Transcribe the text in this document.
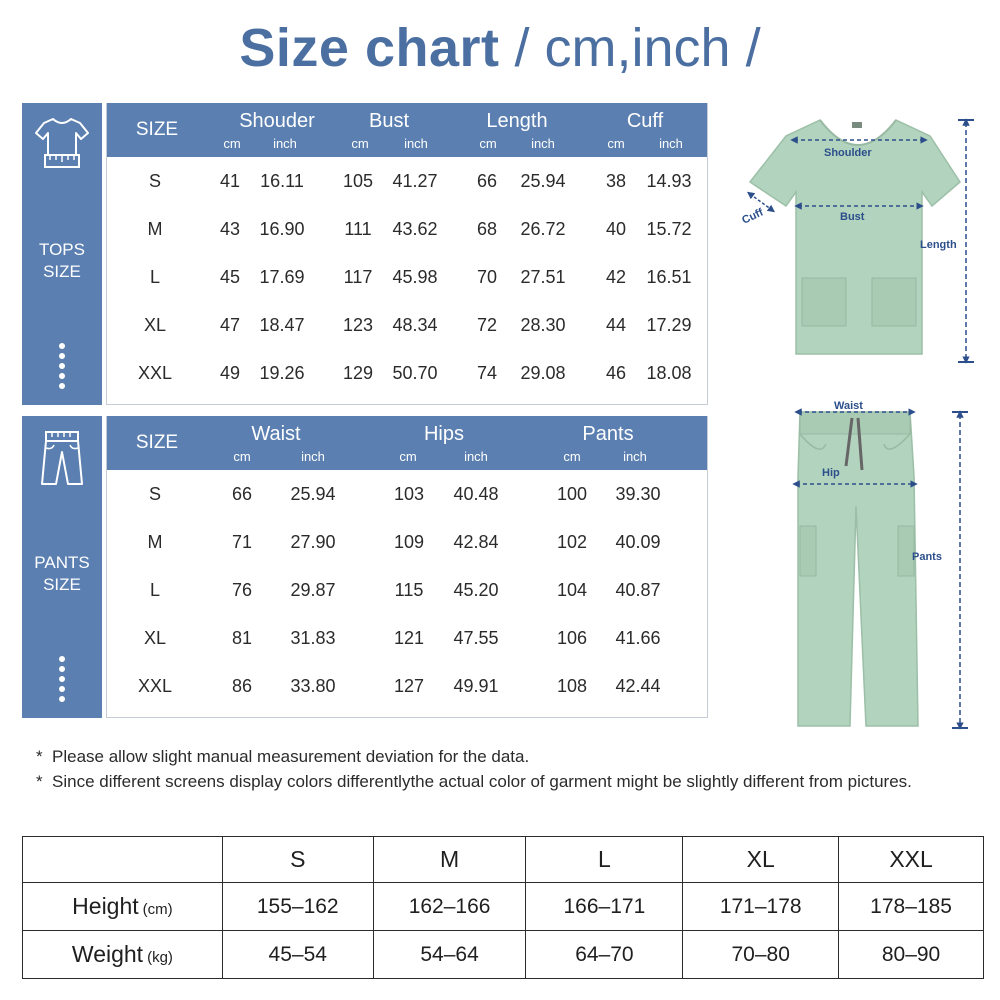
Size chart / cm,inch /
TOPS
SIZE
SIZE	Shouder	Bust	Length	Cuff
cm	inch	cm	inch	cm	inch	cm	inch
S	41	16.11	105	41.27	66	25.94	38	14.93
M	43	16.90	111	43.62	68	26.72	40	15.72
L	45	17.69	117	45.98	70	27.51	42	16.51
XL	47	18.47	123	48.34	72	28.30	44	17.29
XXL	49	19.26	129	50.70	74	29.08	46	18.08
PANTS
SIZE
SIZE	Waist	Hips	Pants
cm	inch	cm	inch	cm	inch
S	66	25.94	103	40.48	100	39.30
M	71	27.90	109	42.84	102	40.09
L	76	29.87	115	45.20	104	40.87
XL	81	31.83	121	47.55	106	41.66
XXL	86	33.80	127	49.91	108	42.44
Shoulder
Bust
Cuff
Length
Waist
Hip
Pants
* Please allow slight manual measurement deviation for the data.
* Since different screens display colors differentlythe actual color of garment might be slightly different from pictures.
	S	M	L	XL	XXL
Height (cm)	155–162	162–166	166–171	171–178	178–185
Weight (kg)	45–54	54–64	64–70	70–80	80–90
